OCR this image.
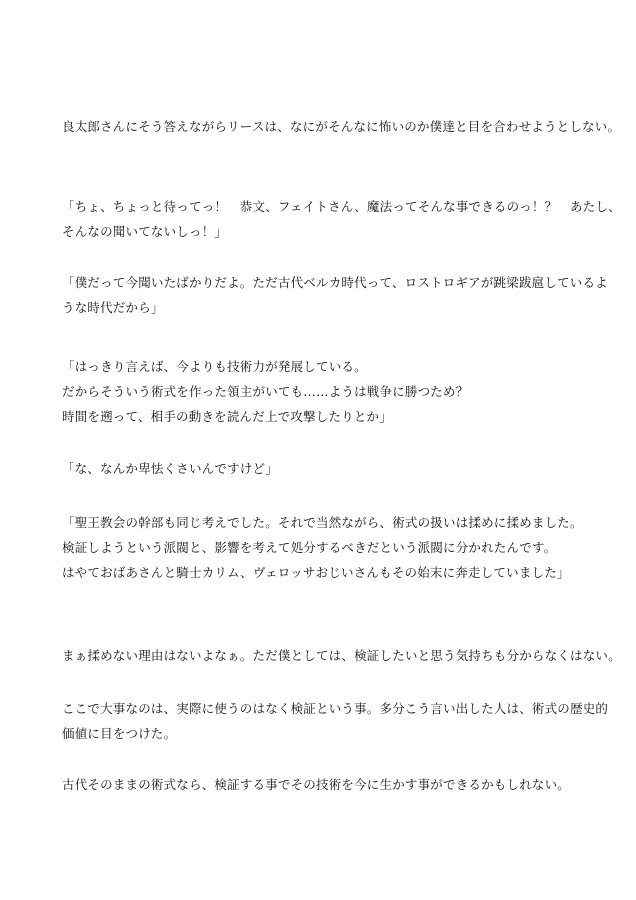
良太郎さんにそう答えながらリースは、なにがそんなに怖いのか僕達と目を合わせようとしない。

「ちょ、ちょっと待ってっ！　恭文、フェイトさん、魔法ってそんな事できるのっ！？　あたし、
そんなの聞いてないしっ！」

「僕だって今聞いたばかりだよ。ただ古代ベルカ時代って、ロストロギアが跳梁跋扈しているよ
うな時代だから」

「はっきり言えば、今よりも技術力が発展している。
だからそういう術式を作った領主がいても……ようは戦争に勝つため？
時間を遡って、相手の動きを読んだ上で攻撃したりとか」

「な、なんか卑怯くさいんですけど」

「聖王教会の幹部も同じ考えでした。それで当然ながら、術式の扱いは揉めに揉めました。
検証しようという派閥と、影響を考えて処分するべきだという派閥に分かれたんです。
はやておばあさんと騎士カリム、ヴェロッサおじいさんもその始末に奔走していました」

まぁ揉めない理由はないよなぁ。ただ僕としては、検証したいと思う気持ちも分からなくはない。

ここで大事なのは、実際に使うのはなく検証という事。多分こう言い出した人は、術式の歴史的
価値に目をつけた。

古代そのままの術式なら、検証する事でその技術を今に生かす事ができるかもしれない。
